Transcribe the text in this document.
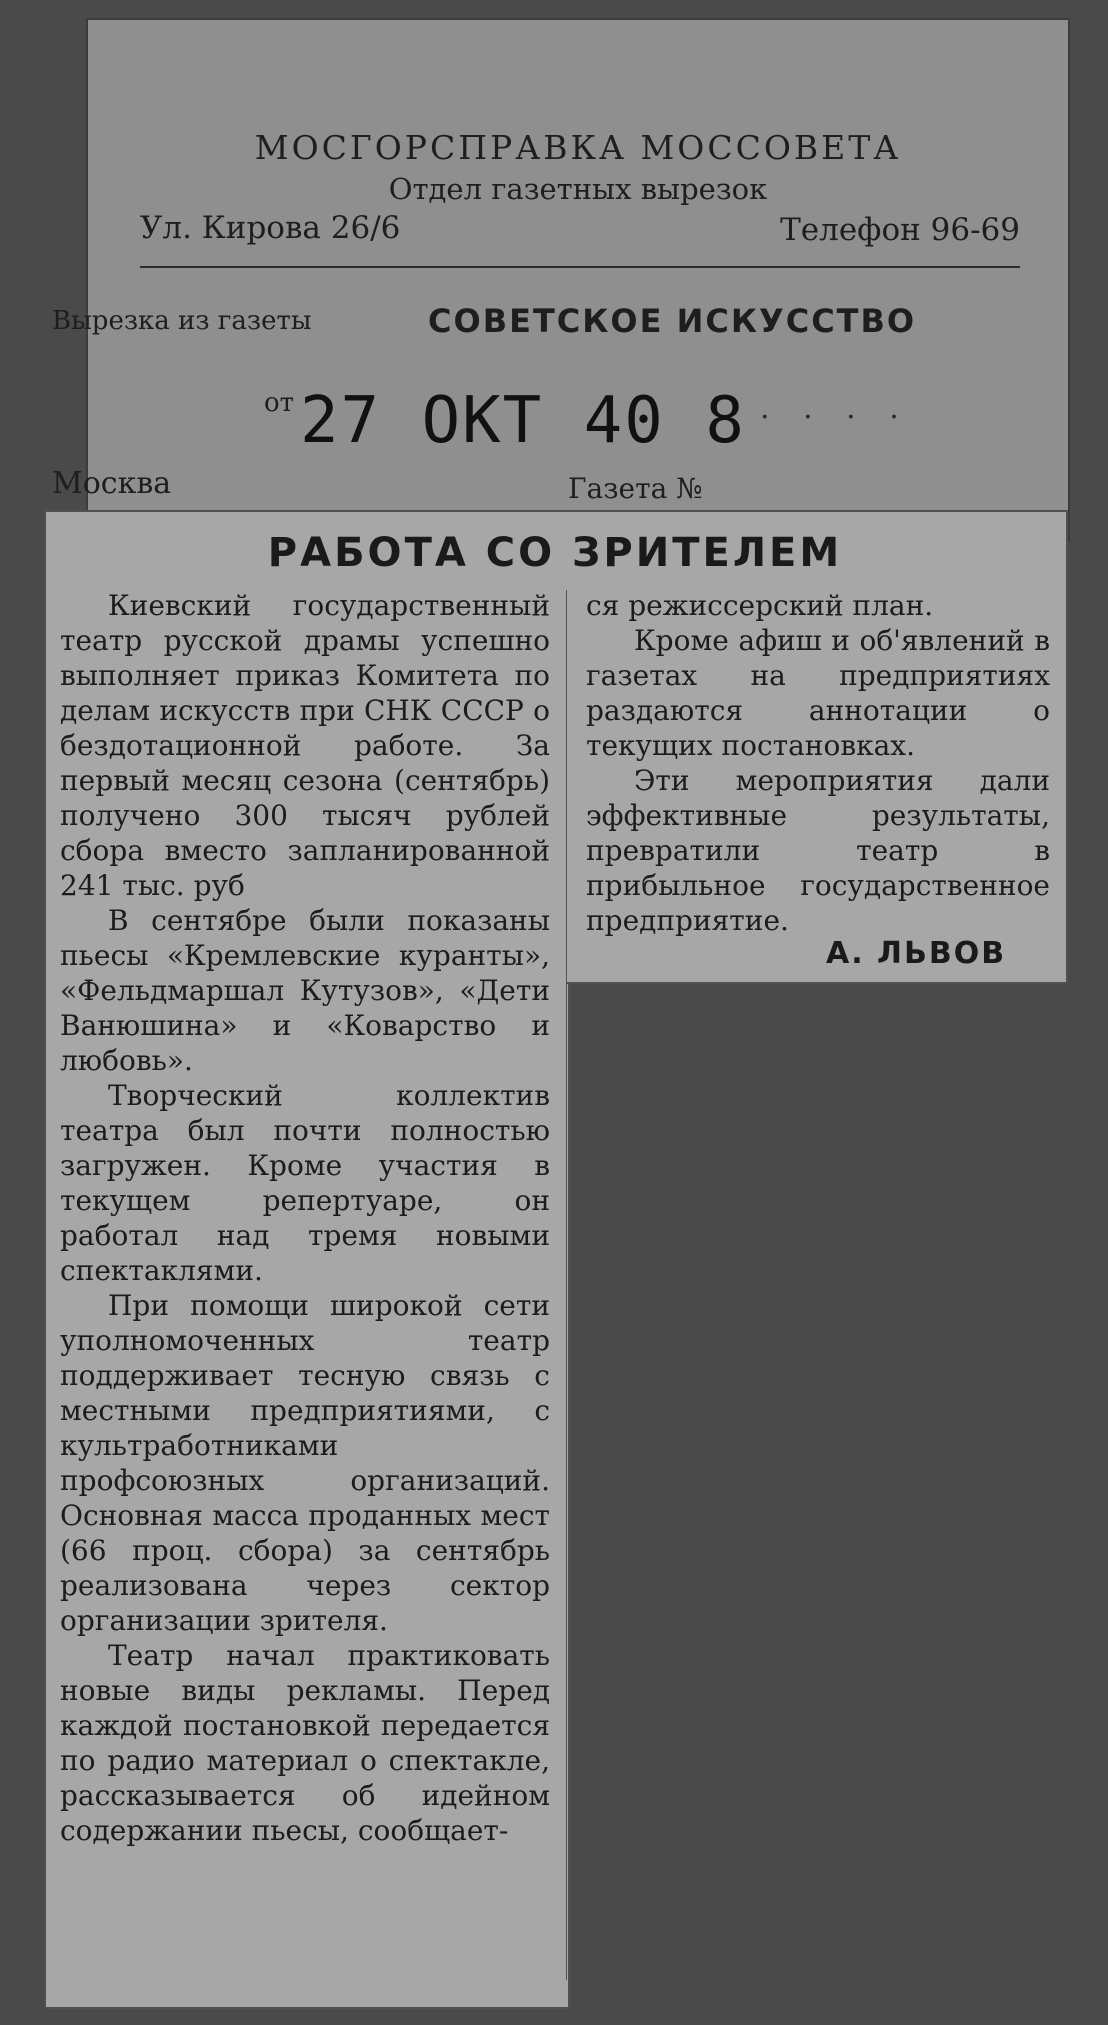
МОСГОРСПРАВКА МОССОВЕТА
Отдел газетных вырезок
Ул. Кирова 26/6	Телефон 96-69
Вырезка из газеты	СОВЕТСКОЕ ИСКУССТВО
от 27 ОКТ 40 8 · · · ·
Москва	Газета №
РАБОТА СО ЗРИТЕЛЕМ

Киевский государственный театр русской драмы успешно выполняет приказ Комитета по делам искусств при СНК СССР о бездотационной работе. За первый месяц сезона (сентябрь) получено 300 тысяч рублей сбора вместо запланированной 241 тыс. руб

В сентябре были показаны пьесы «Кремлевские куранты», «Фельдмаршал Кутузов», «Дети Ванюшина» и «Коварство и любовь».

Творческий коллектив театра был почти полностью загружен. Кроме участия в текущем репертуаре, он работал над тремя новыми спектаклями.

При помощи широкой сети уполномоченных театр поддерживает тесную связь с местными предприятиями, с культработниками профсоюзных организаций. Основная масса проданных мест (66 проц. сбора) за сентябрь реализована через сектор организации зрителя.

Театр начал практиковать новые виды рекламы. Перед каждой постановкой передается по радио материал о спектакле, рассказывается об идейном содержании пьесы, сообщает-

ся режиссерский план.

Кроме афиш и об'явлений в газетах на предприятиях раздаются аннотации о текущих постановках.

Эти мероприятия дали эффективные результаты, превратили театр в прибыльное государственное предприятие.

А. ЛЬВОВ
